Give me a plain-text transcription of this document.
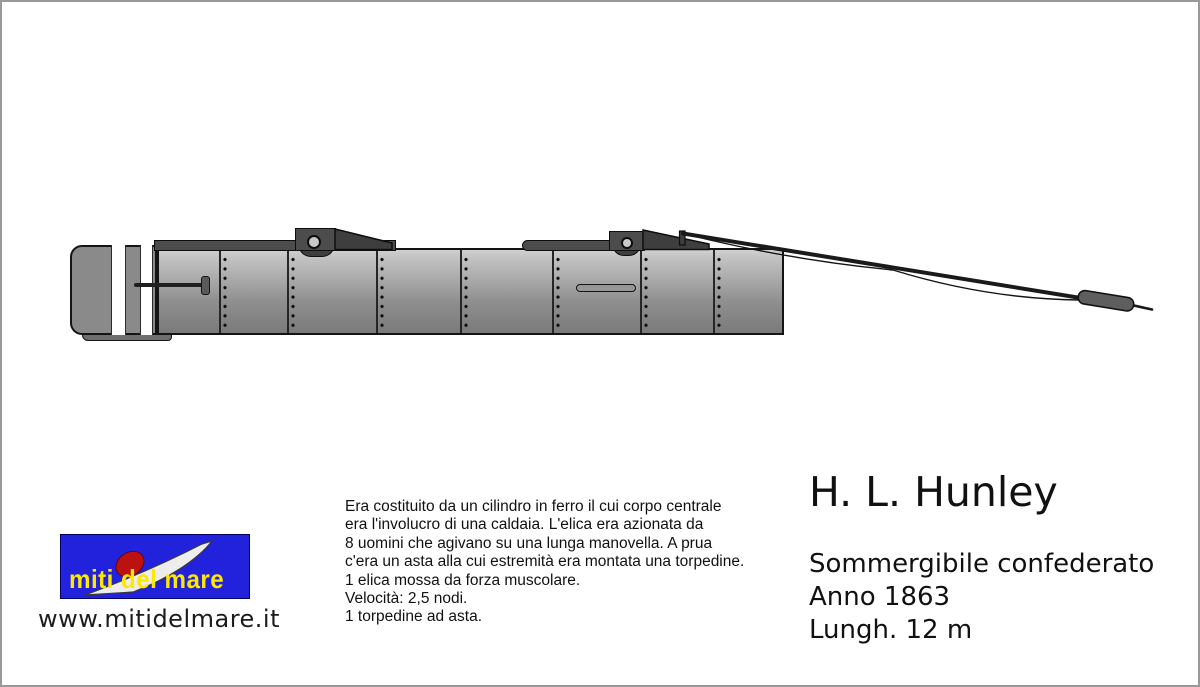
miti del mare
www.mitidelmare.it
Era costituito da un cilindro in ferro il cui corpo centrale
era l'involucro di una caldaia. L'elica era azionata da
8 uomini che agivano su una lunga manovella. A prua
c'era un asta alla cui estremità era montata una torpedine.
1 elica mossa da forza muscolare.
Velocità: 2,5 nodi.
1 torpedine ad asta.
H. L. Hunley
Sommergibile confederato
Anno 1863
Lungh. 12 m
